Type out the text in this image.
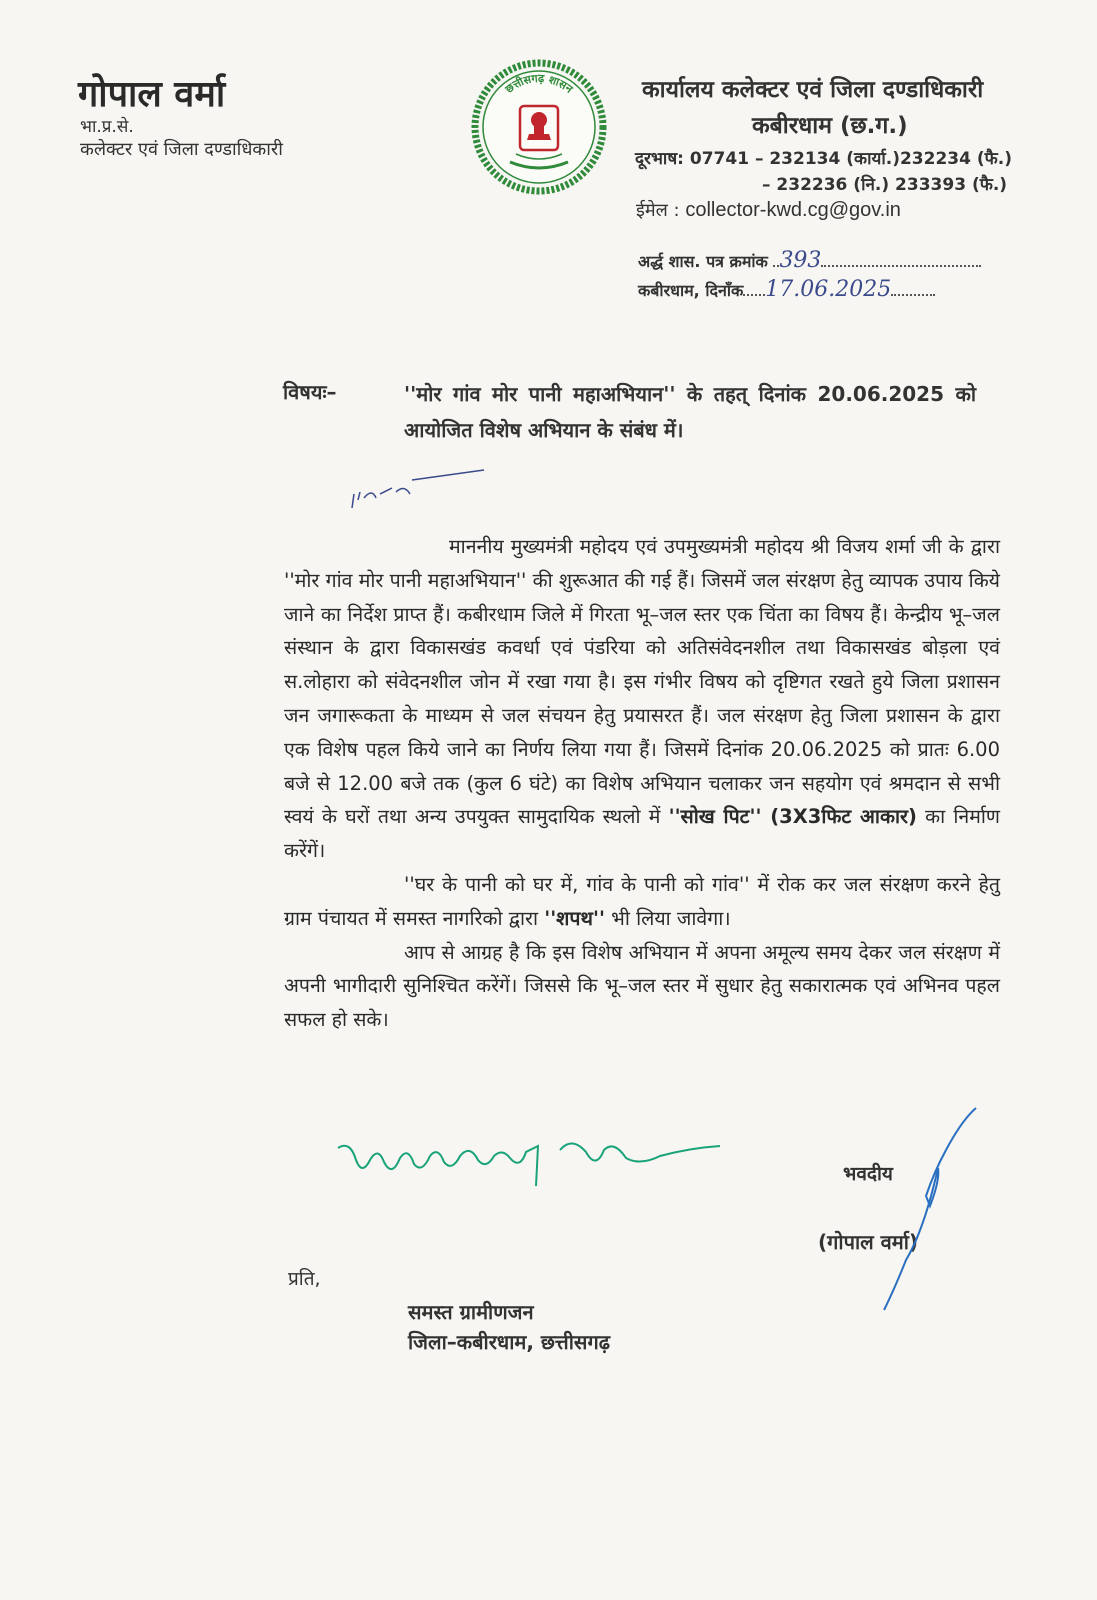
गोपाल वर्मा
भा.प्र.से.
कलेक्टर एवं जिला दण्डाधिकारी
छत्तीसगढ़ शासन	कार्यालय कलेक्टर एवं जिला दण्डाधिकारी
कबीरधाम (छ.ग.)
दूरभाष: 07741 – 232134 (कार्या.)232234 (फै.)
– 232236 (नि.) 233393 (फै.)
ईमेल : collector-kwd.cg@gov.in
अर्द्ध शास. पत्र क्रमांक 393
कबीरधाम, दिनाँक 17.06.2025
विषयः–	''मोर गांव मोर पानी महाअभियान'' के तहत् दिनांक 20.06.2025 को आयोजित विशेष अभियान के संबंध में।

माननीय मुख्यमंत्री महोदय एवं उपमुख्यमंत्री महोदय श्री विजय शर्मा जी के द्वारा ''मोर गांव मोर पानी महाअभियान'' की शुरूआत की गई हैं। जिसमें जल संरक्षण हेतु व्यापक उपाय किये जाने का निर्देश प्राप्त हैं। कबीरधाम जिले में गिरता भू–जल स्तर एक चिंता का विषय हैं। केन्द्रीय भू–जल संस्थान के द्वारा विकासखंड कवर्धा एवं पंडरिया को अतिसंवेदनशील तथा विकासखंड बोड़ला एवं स.लोहारा को संवेदनशील जोन में रखा गया है। इस गंभीर विषय को दृष्टिगत रखते हुये जिला प्रशासन जन जगारूकता के माध्यम से जल संचयन हेतु प्रयासरत हैं। जल संरक्षण हेतु जिला प्रशासन के द्वारा एक विशेष पहल किये जाने का निर्णय लिया गया हैं। जिसमें दिनांक 20.06.2025 को प्रातः 6.00 बजे से 12.00 बजे तक (कुल 6 घंटे) का विशेष अभियान चलाकर जन सहयोग एवं श्रमदान से सभी स्वयं के घरों तथा अन्य उपयुक्त सामुदायिक स्थलो में ''सोख पिट'' (3X3फिट आकार) का निर्माण करेंगें।

''घर के पानी को घर में, गांव के पानी को गांव'' में रोक कर जल संरक्षण करने हेतु ग्राम पंचायत में समस्त नागरिको द्वारा ''शपथ'' भी लिया जावेगा।

आप से आग्रह है कि इस विशेष अभियान में अपना अमूल्य समय देकर जल संरक्षण में अपनी भागीदारी सुनिश्चित करेंगें। जिससे कि भू–जल स्तर में सुधार हेतु सकारात्मक एवं अभिनव पहल सफल हो सके।

भवदीय
(गोपाल वर्मा)
प्रति,
समस्त ग्रामीणजन
जिला–कबीरधाम, छत्तीसगढ़
